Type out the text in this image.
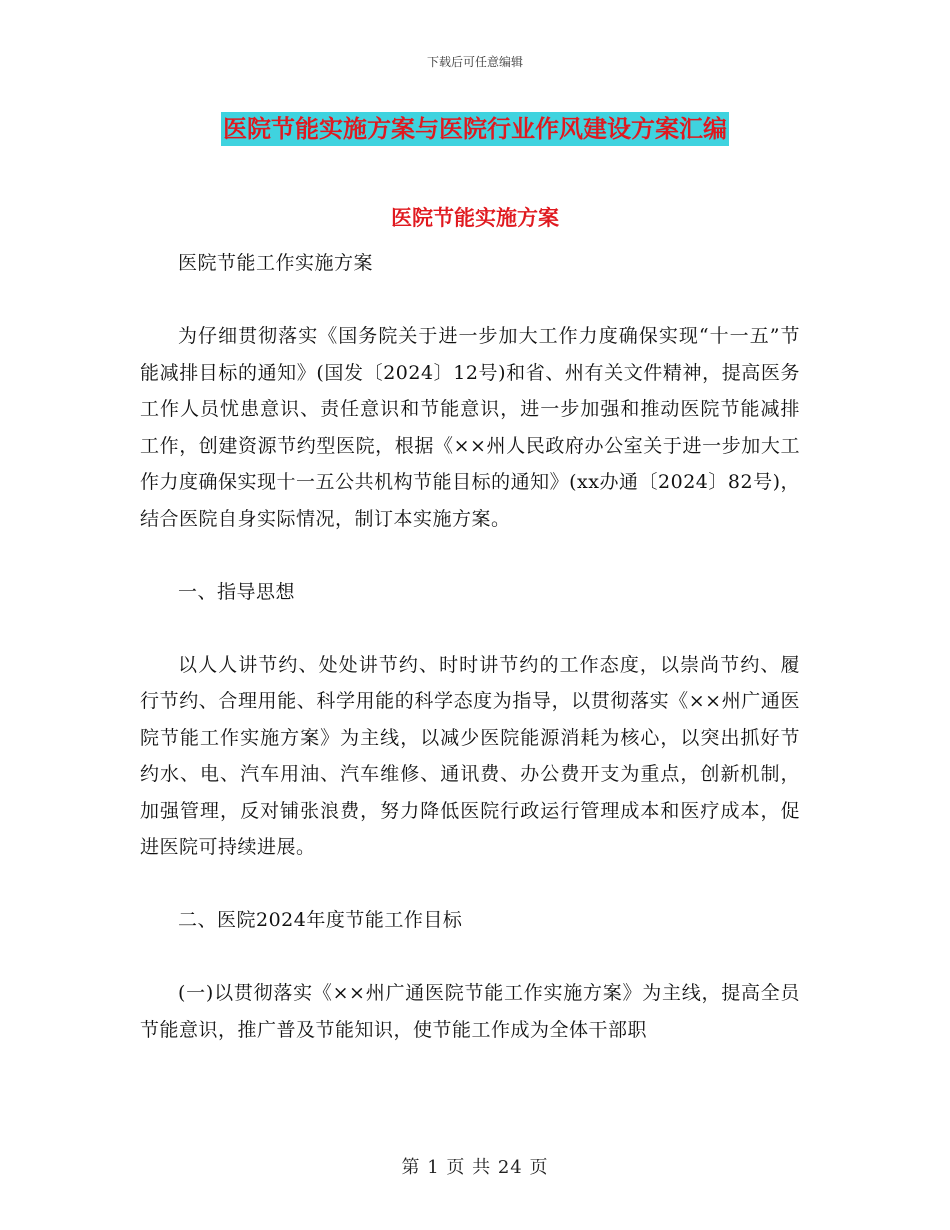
下载后可任意编辑
医院节能实施方案与医院行业作风建设方案汇编
医院节能实施方案

医院节能工作实施方案

为仔细贯彻落实《国务院关于进一步加大工作力度确保实现“十一五”节能减排目标的通知》(国发〔2024〕12号)和省、州有关文件精神，提高医务工作人员忧患意识、责任意识和节能意识，进一步加强和推动医院节能减排工作，创建资源节约型医院，根据《××州人民政府办公室关于进一步加大工作力度确保实现十一五公共机构节能目标的通知》(xx办通〔2024〕82号)，结合医院自身实际情况，制订本实施方案。

一、指导思想

以人人讲节约、处处讲节约、时时讲节约的工作态度，以崇尚节约、履行节约、合理用能、科学用能的科学态度为指导，以贯彻落实《××州广通医院节能工作实施方案》为主线，以减少医院能源消耗为核心，以突出抓好节约水、电、汽车用油、汽车维修、通讯费、办公费开支为重点，创新机制，加强管理，反对铺张浪费，努力降低医院行政运行管理成本和医疗成本，促进医院可持续进展。

二、医院2024年度节能工作目标

(一)以贯彻落实《××州广通医院节能工作实施方案》为主线，提高全员节能意识，推广普及节能知识，使节能工作成为全体干部职

第 1 页 共 24 页
